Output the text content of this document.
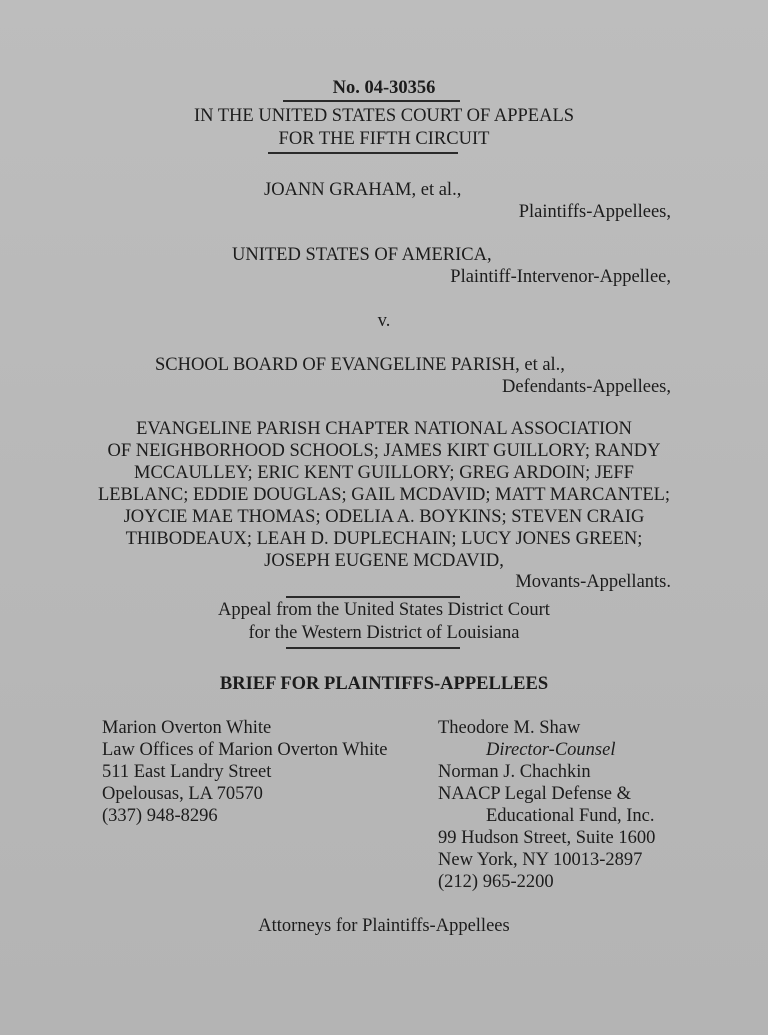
No. 04-30356
IN THE UNITED STATES COURT OF APPEALS
FOR THE FIFTH CIRCUIT
JOANN GRAHAM, et al.,
Plaintiffs-Appellees,
UNITED STATES OF AMERICA,
Plaintiff-Intervenor-Appellee,
v.
SCHOOL BOARD OF EVANGELINE PARISH, et al.,
Defendants-Appellees,
EVANGELINE PARISH CHAPTER NATIONAL ASSOCIATION
OF NEIGHBORHOOD SCHOOLS; JAMES KIRT GUILLORY; RANDY
MCCAULLEY; ERIC KENT GUILLORY; GREG ARDOIN; JEFF
LEBLANC; EDDIE DOUGLAS; GAIL MCDAVID; MATT MARCANTEL;
JOYCIE MAE THOMAS; ODELIA A. BOYKINS; STEVEN CRAIG
THIBODEAUX; LEAH D. DUPLECHAIN; LUCY JONES GREEN;
JOSEPH EUGENE MCDAVID,
Movants-Appellants.
Appeal from the United States District Court
for the Western District of Louisiana
BRIEF FOR PLAINTIFFS-APPELLEES
Marion Overton White
Law Offices of Marion Overton White
511 East Landry Street
Opelousas, LA 70570
(337) 948-8296
Theodore M. Shaw
Director-Counsel
Norman J. Chachkin
NAACP Legal Defense &
Educational Fund, Inc.
99 Hudson Street, Suite 1600
New York, NY 10013-2897
(212) 965-2200
Attorneys for Plaintiffs-Appellees
